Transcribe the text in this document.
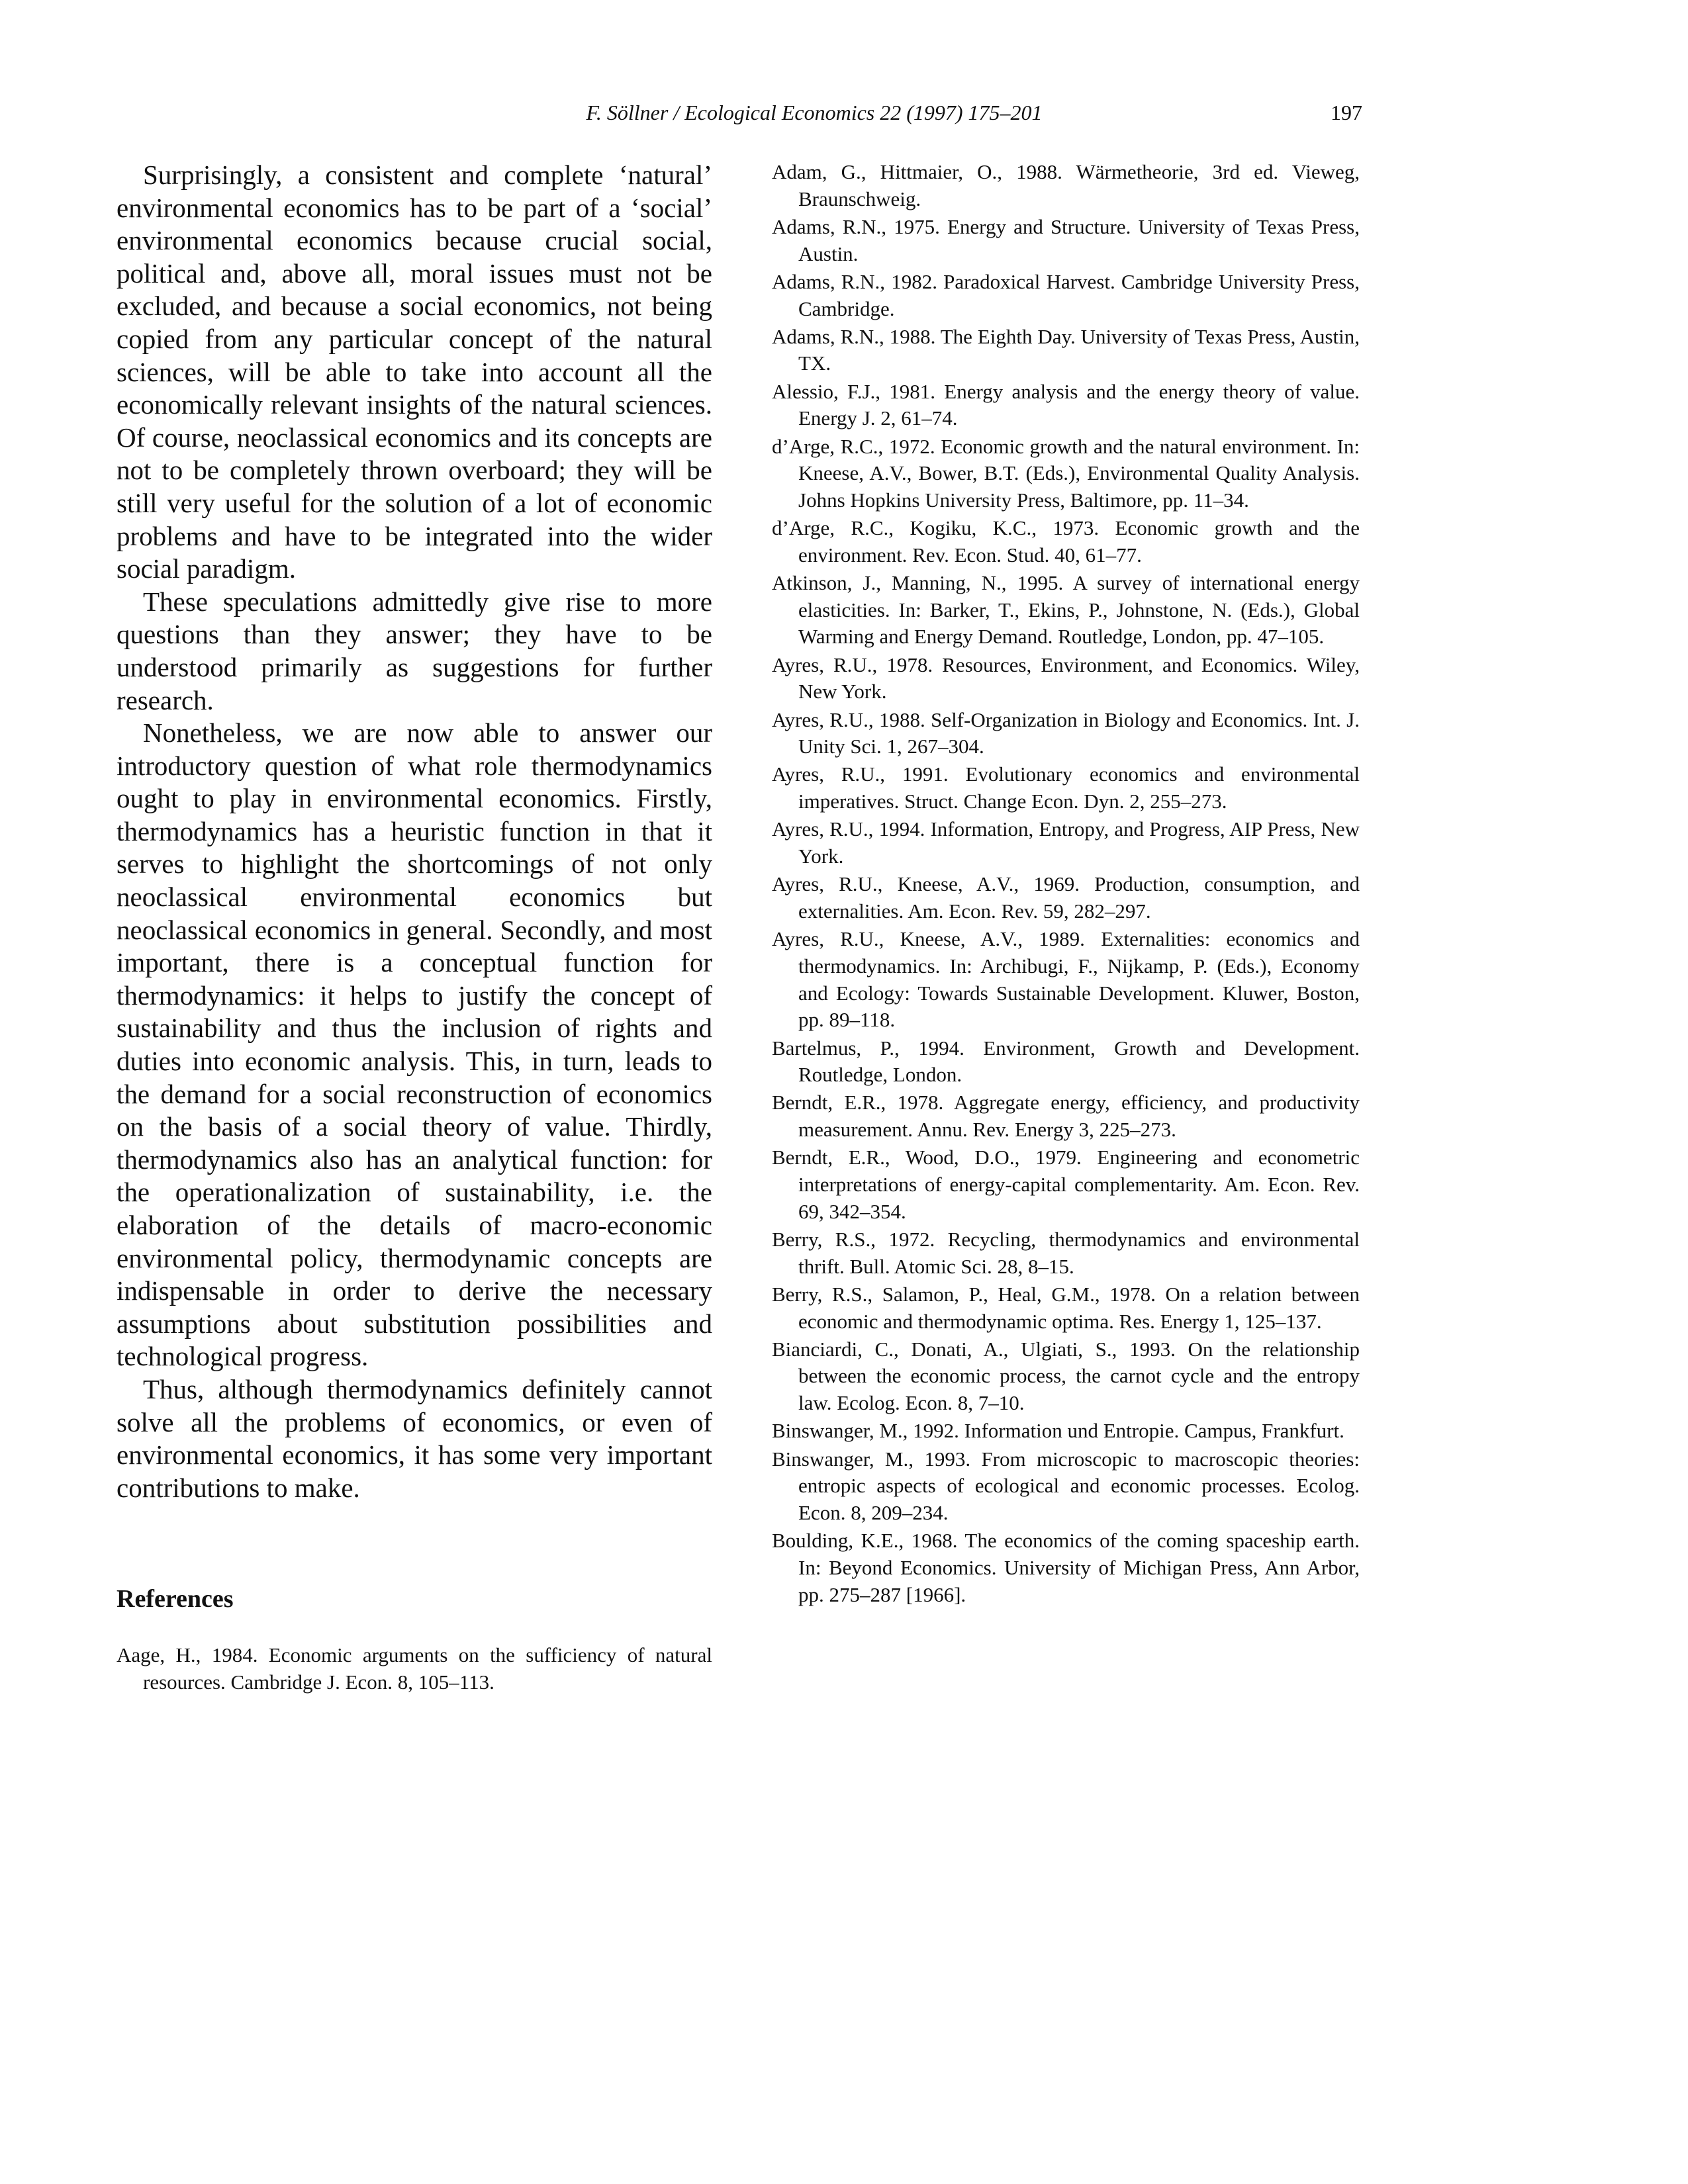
F. Söllner / Ecological Economics 22 (1997) 175–201	197

Surprisingly, a consistent and complete ‘natural’ environmental economics has to be part of a ‘social’ environmental economics because crucial social, political and, above all, moral issues must not be excluded, and because a social economics, not being copied from any particular concept of the natural sciences, will be able to take into account all the economically relevant insights of the natural sciences. Of course, neoclassical economics and its concepts are not to be completely thrown overboard; they will be still very useful for the solution of a lot of economic problems and have to be integrated into the wider social paradigm.

These speculations admittedly give rise to more questions than they answer; they have to be understood primarily as suggestions for further research.

Nonetheless, we are now able to answer our introductory question of what role thermodynamics ought to play in environmental economics. Firstly, thermodynamics has a heuristic function in that it serves to highlight the shortcomings of not only neoclassical environmental economics but neoclassical economics in general. Secondly, and most important, there is a conceptual function for thermodynamics: it helps to justify the concept of sustainability and thus the inclusion of rights and duties into economic analysis. This, in turn, leads to the demand for a social reconstruction of economics on the basis of a social theory of value. Thirdly, thermodynamics also has an analytical function: for the operationalization of sustainability, i.e. the elaboration of the details of macro-economic environmental policy, thermodynamic concepts are indispensable in order to derive the necessary assumptions about substitution possibilities and technological progress.

Thus, although thermodynamics definitely cannot solve all the problems of economics, or even of environmental economics, it has some very important contributions to make.

References

Aage, H., 1984. Economic arguments on the sufficiency of natural resources. Cambridge J. Econ. 8, 105–113.

Adam, G., Hittmaier, O., 1988. Wärmetheorie, 3rd ed. Vieweg, Braunschweig.

Adams, R.N., 1975. Energy and Structure. University of Texas Press, Austin.

Adams, R.N., 1982. Paradoxical Harvest. Cambridge University Press, Cambridge.

Adams, R.N., 1988. The Eighth Day. University of Texas Press, Austin, TX.

Alessio, F.J., 1981. Energy analysis and the energy theory of value. Energy J. 2, 61–74.

d’Arge, R.C., 1972. Economic growth and the natural environment. In: Kneese, A.V., Bower, B.T. (Eds.), Environmental Quality Analysis. Johns Hopkins University Press, Baltimore, pp. 11–34.

d’Arge, R.C., Kogiku, K.C., 1973. Economic growth and the environment. Rev. Econ. Stud. 40, 61–77.

Atkinson, J., Manning, N., 1995. A survey of international energy elasticities. In: Barker, T., Ekins, P., Johnstone, N. (Eds.), Global Warming and Energy Demand. Routledge, London, pp. 47–105.

Ayres, R.U., 1978. Resources, Environment, and Economics. Wiley, New York.

Ayres, R.U., 1988. Self-Organization in Biology and Economics. Int. J. Unity Sci. 1, 267–304.

Ayres, R.U., 1991. Evolutionary economics and environmental imperatives. Struct. Change Econ. Dyn. 2, 255–273.

Ayres, R.U., 1994. Information, Entropy, and Progress, AIP Press, New York.

Ayres, R.U., Kneese, A.V., 1969. Production, consumption, and externalities. Am. Econ. Rev. 59, 282–297.

Ayres, R.U., Kneese, A.V., 1989. Externalities: economics and thermodynamics. In: Archibugi, F., Nijkamp, P. (Eds.), Economy and Ecology: Towards Sustainable Development. Kluwer, Boston, pp. 89–118.

Bartelmus, P., 1994. Environment, Growth and Development. Routledge, London.

Berndt, E.R., 1978. Aggregate energy, efficiency, and productivity measurement. Annu. Rev. Energy 3, 225–273.

Berndt, E.R., Wood, D.O., 1979. Engineering and econometric interpretations of energy-capital complementarity. Am. Econ. Rev. 69, 342–354.

Berry, R.S., 1972. Recycling, thermodynamics and environmental thrift. Bull. Atomic Sci. 28, 8–15.

Berry, R.S., Salamon, P., Heal, G.M., 1978. On a relation between economic and thermodynamic optima. Res. Energy 1, 125–137.

Bianciardi, C., Donati, A., Ulgiati, S., 1993. On the relationship between the economic process, the carnot cycle and the entropy law. Ecolog. Econ. 8, 7–10.

Binswanger, M., 1992. Information und Entropie. Campus, Frankfurt.

Binswanger, M., 1993. From microscopic to macroscopic theories: entropic aspects of ecological and economic processes. Ecolog. Econ. 8, 209–234.

Boulding, K.E., 1968. The economics of the coming spaceship earth. In: Beyond Economics. University of Michigan Press, Ann Arbor, pp. 275–287 [1966].
